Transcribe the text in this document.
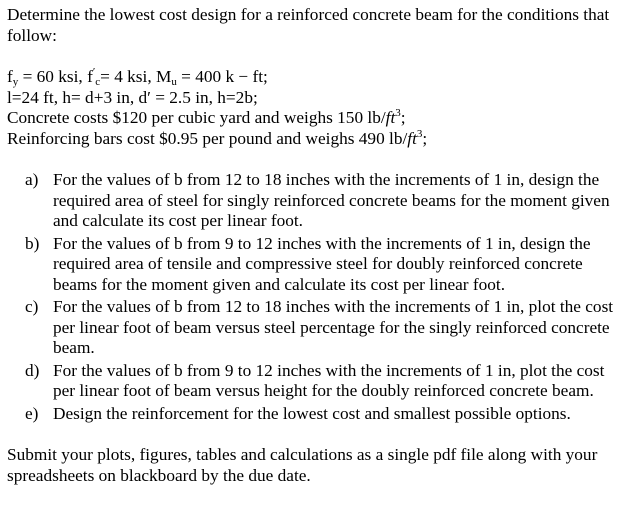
Determine the lowest cost design for a reinforced concrete beam for the conditions that follow:

$f_y = 60$ ksi, $f'_c= 4$ ksi, $M_u = 400$ k − ft;
l=24 ft, h= d+3 in, d′ = 2.5 in, h=2b;
Concrete costs $120 per cubic yard and weighs 150 $lb/ft^3$;
Reinforcing bars cost $0.95 per pound and weighs 490 $lb/ft^3$;
a) For the values of b from 12 to 18 inches with the increments of 1 in, design the required area of steel for singly reinforced concrete beams for the moment given and calculate its cost per linear foot.
b) For the values of b from 9 to 12 inches with the increments of 1 in, design the required area of tensile and compressive steel for doubly reinforced concrete beams for the moment given and calculate its cost per linear foot.
c) For the values of b from 12 to 18 inches with the increments of 1 in, plot the cost per linear foot of beam versus steel percentage for the singly reinforced concrete beam.
d) For the values of b from 9 to 12 inches with the increments of 1 in, plot the cost per linear foot of beam versus height for the doubly reinforced concrete beam.
e) Design the reinforcement for the lowest cost and smallest possible options.

Submit your plots, figures, tables and calculations as a single pdf file along with your spreadsheets on blackboard by the due date.
